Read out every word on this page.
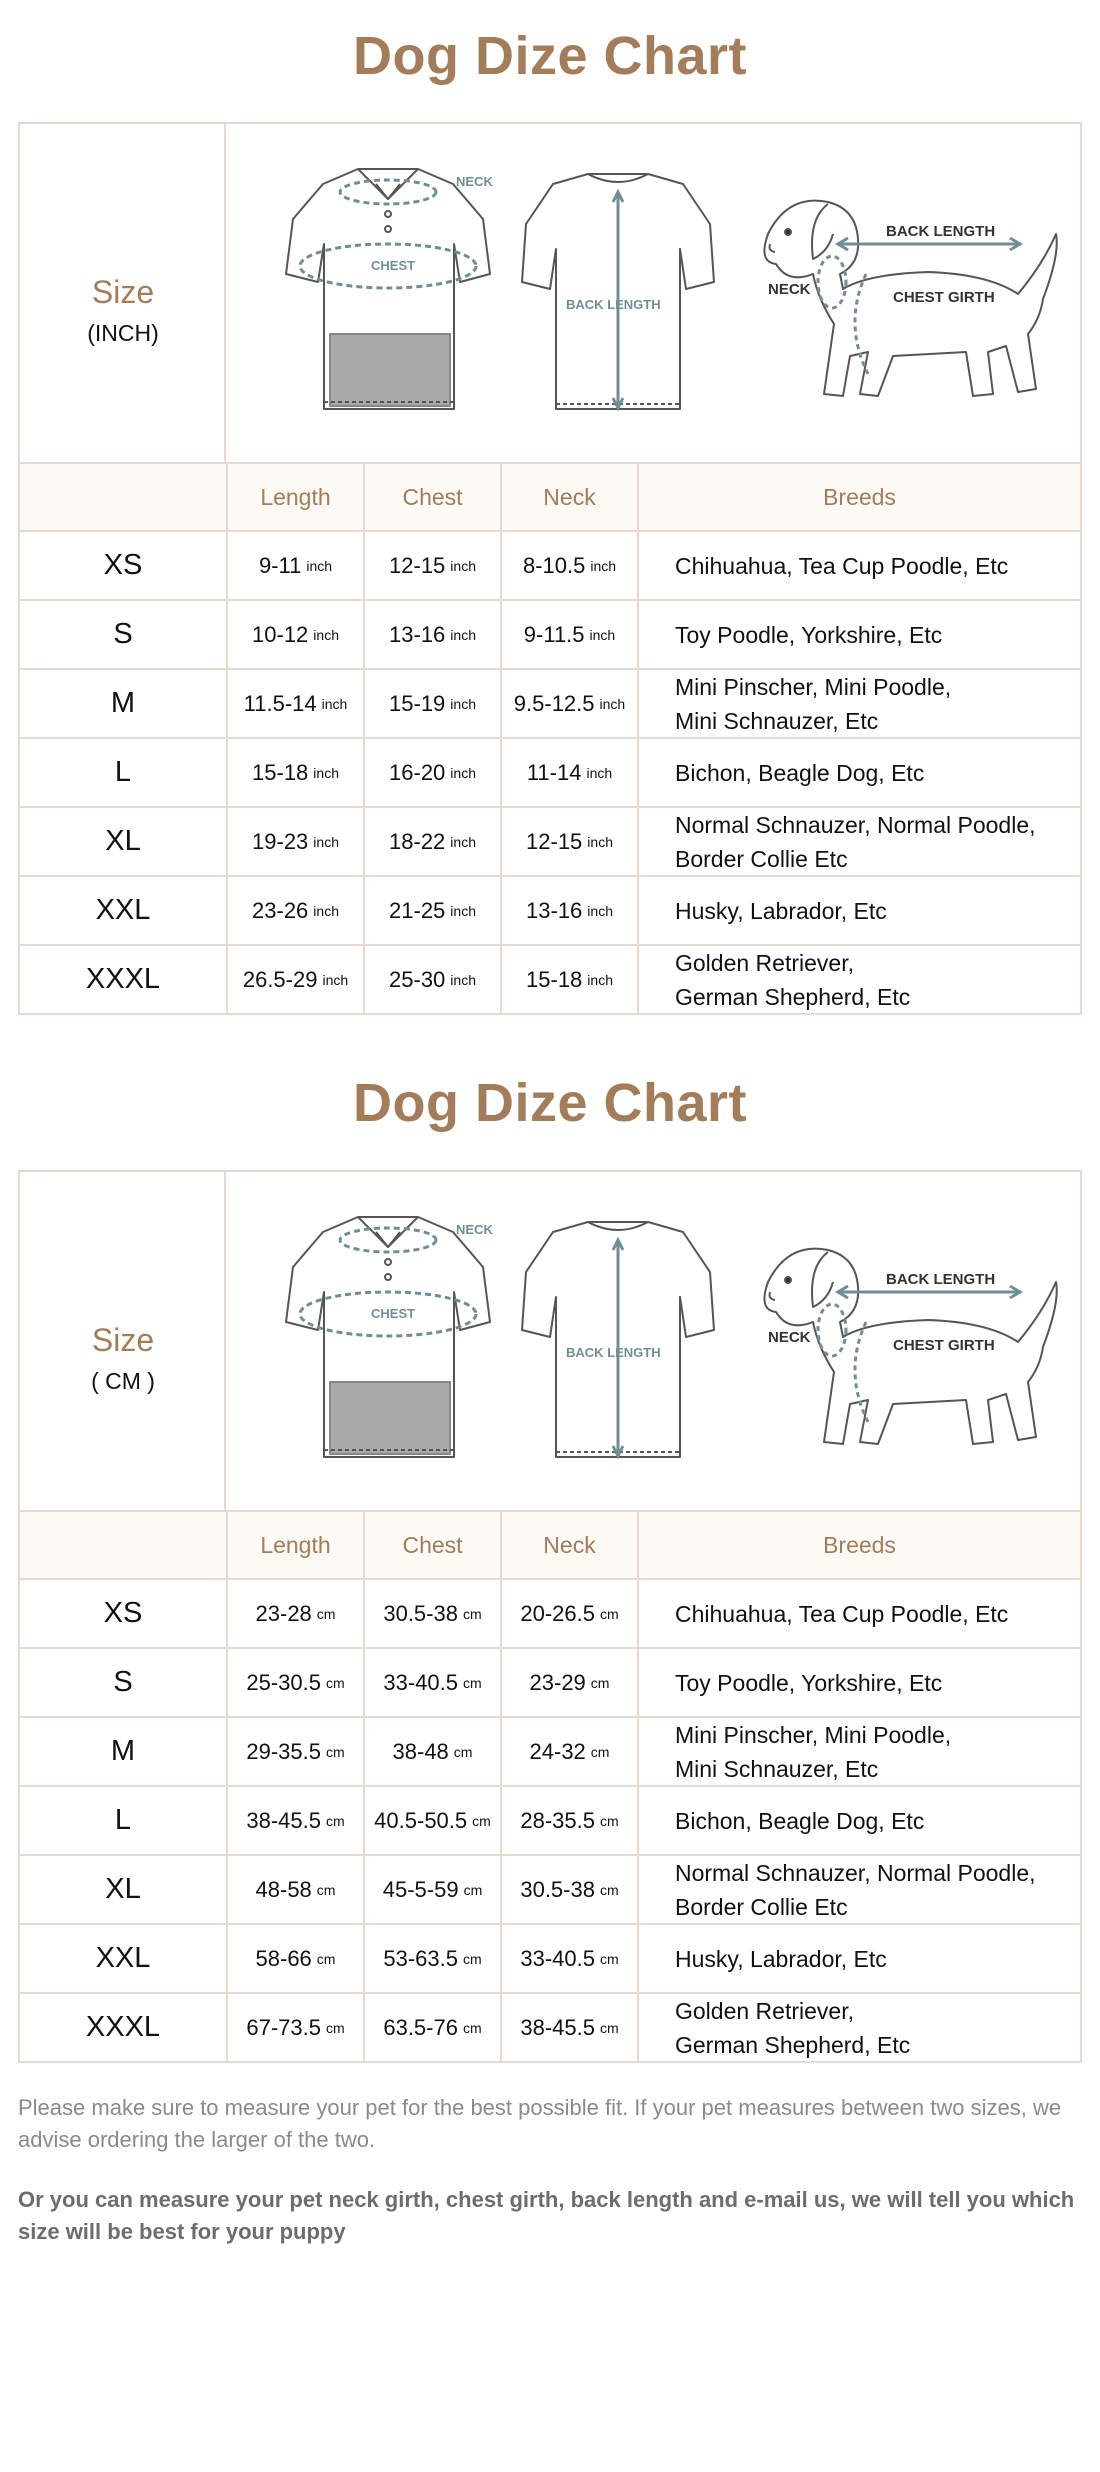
Dog Dize Chart
Size
(INCH)
NECK
CHEST
BACK LENGTH
BACK LENGTH
CHEST GIRTH
NECK
Length	Chest	Neck	Breeds
XS	9-11 inch	12-15 inch 8-10.5 inch	Chihuahua, Tea Cup Poodle, Etc
S	10-12 inch 13-16 inch 9-11.5 inch	Toy Poodle, Yorkshire, Etc
M	11.5-14 inch 15-19 inch 9.5-12.5 inch
Mini Pinscher, Mini Poodle,
Mini Schnauzer, Etc
L	15-18 inch 16-20 inch 11-14 inch	Bichon, Beagle Dog, Etc
XL	19-23 inch 18-22 inch 12-15 inch
Normal Schnauzer, Normal Poodle,
Border Collie Etc
XXL	23-26 inch 21-25 inch 13-16 inch	Husky, Labrador, Etc
XXXL	26.5-29 inch 25-30 inch 15-18 inch
Golden Retriever,
German Shepherd, Etc
Dog Dize Chart
Size
( CM )
NECK
CHEST
BACK LENGTH
BACK LENGTH
CHEST GIRTH
NECK
Length	Chest	Neck	Breeds
XS	23-28 cm 30.5-38 cm 20-26.5 cm Chihuahua, Tea Cup Poodle, Etc
S	25-30.5 cm 33-40.5 cm 23-29 cm	Toy Poodle, Yorkshire, Etc
M	29-35.5 cm 38-48 cm	24-32 cm
Mini Pinscher, Mini Poodle,
Mini Schnauzer, Etc
L	38-45.5 cm 40.5-50.5 cm 28-35.5 cm Bichon, Beagle Dog, Etc
XL	48-58 cm 45-5-59 cm 30.5-38 cm
Normal Schnauzer, Normal Poodle,
Border Collie Etc
XXL	58-66 cm 53-63.5 cm 33-40.5 cm Husky, Labrador, Etc
XXXL	67-73.5 cm 63.5-76 cm 38-45.5 cm
Golden Retriever,
German Shepherd, Etc
Please make sure to measure your pet for the best possible fit. If your pet measures between two sizes, we advise ordering the larger of the two.
Or you can measure your pet neck girth, chest girth, back length and e-mail us, we will tell you which size will be best for your puppy
